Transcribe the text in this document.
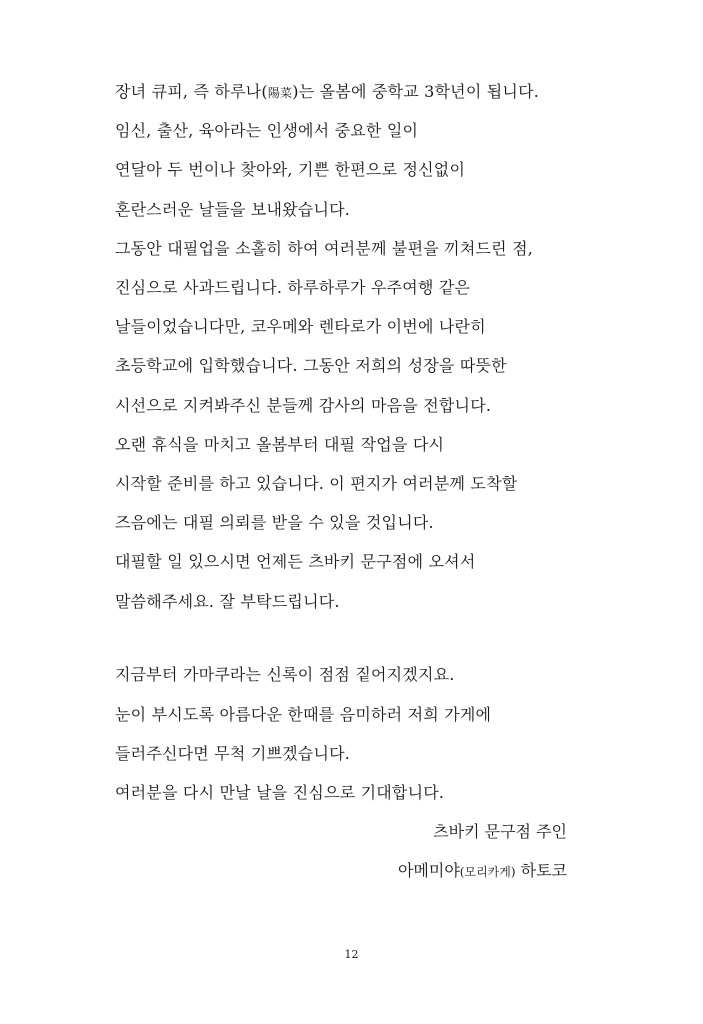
장녀 큐피, 즉 하루나(陽菜)는 올봄에 중학교 3학년이 됩니다.
임신, 출산, 육아라는 인생에서 중요한 일이
연달아 두 번이나 찾아와, 기쁜 한편으로 정신없이
혼란스러운 날들을 보내왔습니다.
그동안 대필업을 소홀히 하여 여러분께 불편을 끼쳐드린 점,
진심으로 사과드립니다. 하루하루가 우주여행 같은
날들이었습니다만, 코우메와 렌타로가 이번에 나란히
초등학교에 입학했습니다. 그동안 저희의 성장을 따뜻한
시선으로 지켜봐주신 분들께 감사의 마음을 전합니다.
오랜 휴식을 마치고 올봄부터 대필 작업을 다시
시작할 준비를 하고 있습니다. 이 편지가 여러분께 도착할
즈음에는 대필 의뢰를 받을 수 있을 것입니다.
대필할 일 있으시면 언제든 츠바키 문구점에 오셔서
말씀해주세요. 잘 부탁드립니다.
지금부터 가마쿠라는 신록이 점점 짙어지겠지요.
눈이 부시도록 아름다운 한때를 음미하러 저희 가게에
들러주신다면 무척 기쁘겠습니다.
여러분을 다시 만날 날을 진심으로 기대합니다.
츠바키 문구점 주인
아메미야(모리카게) 하토코
12
